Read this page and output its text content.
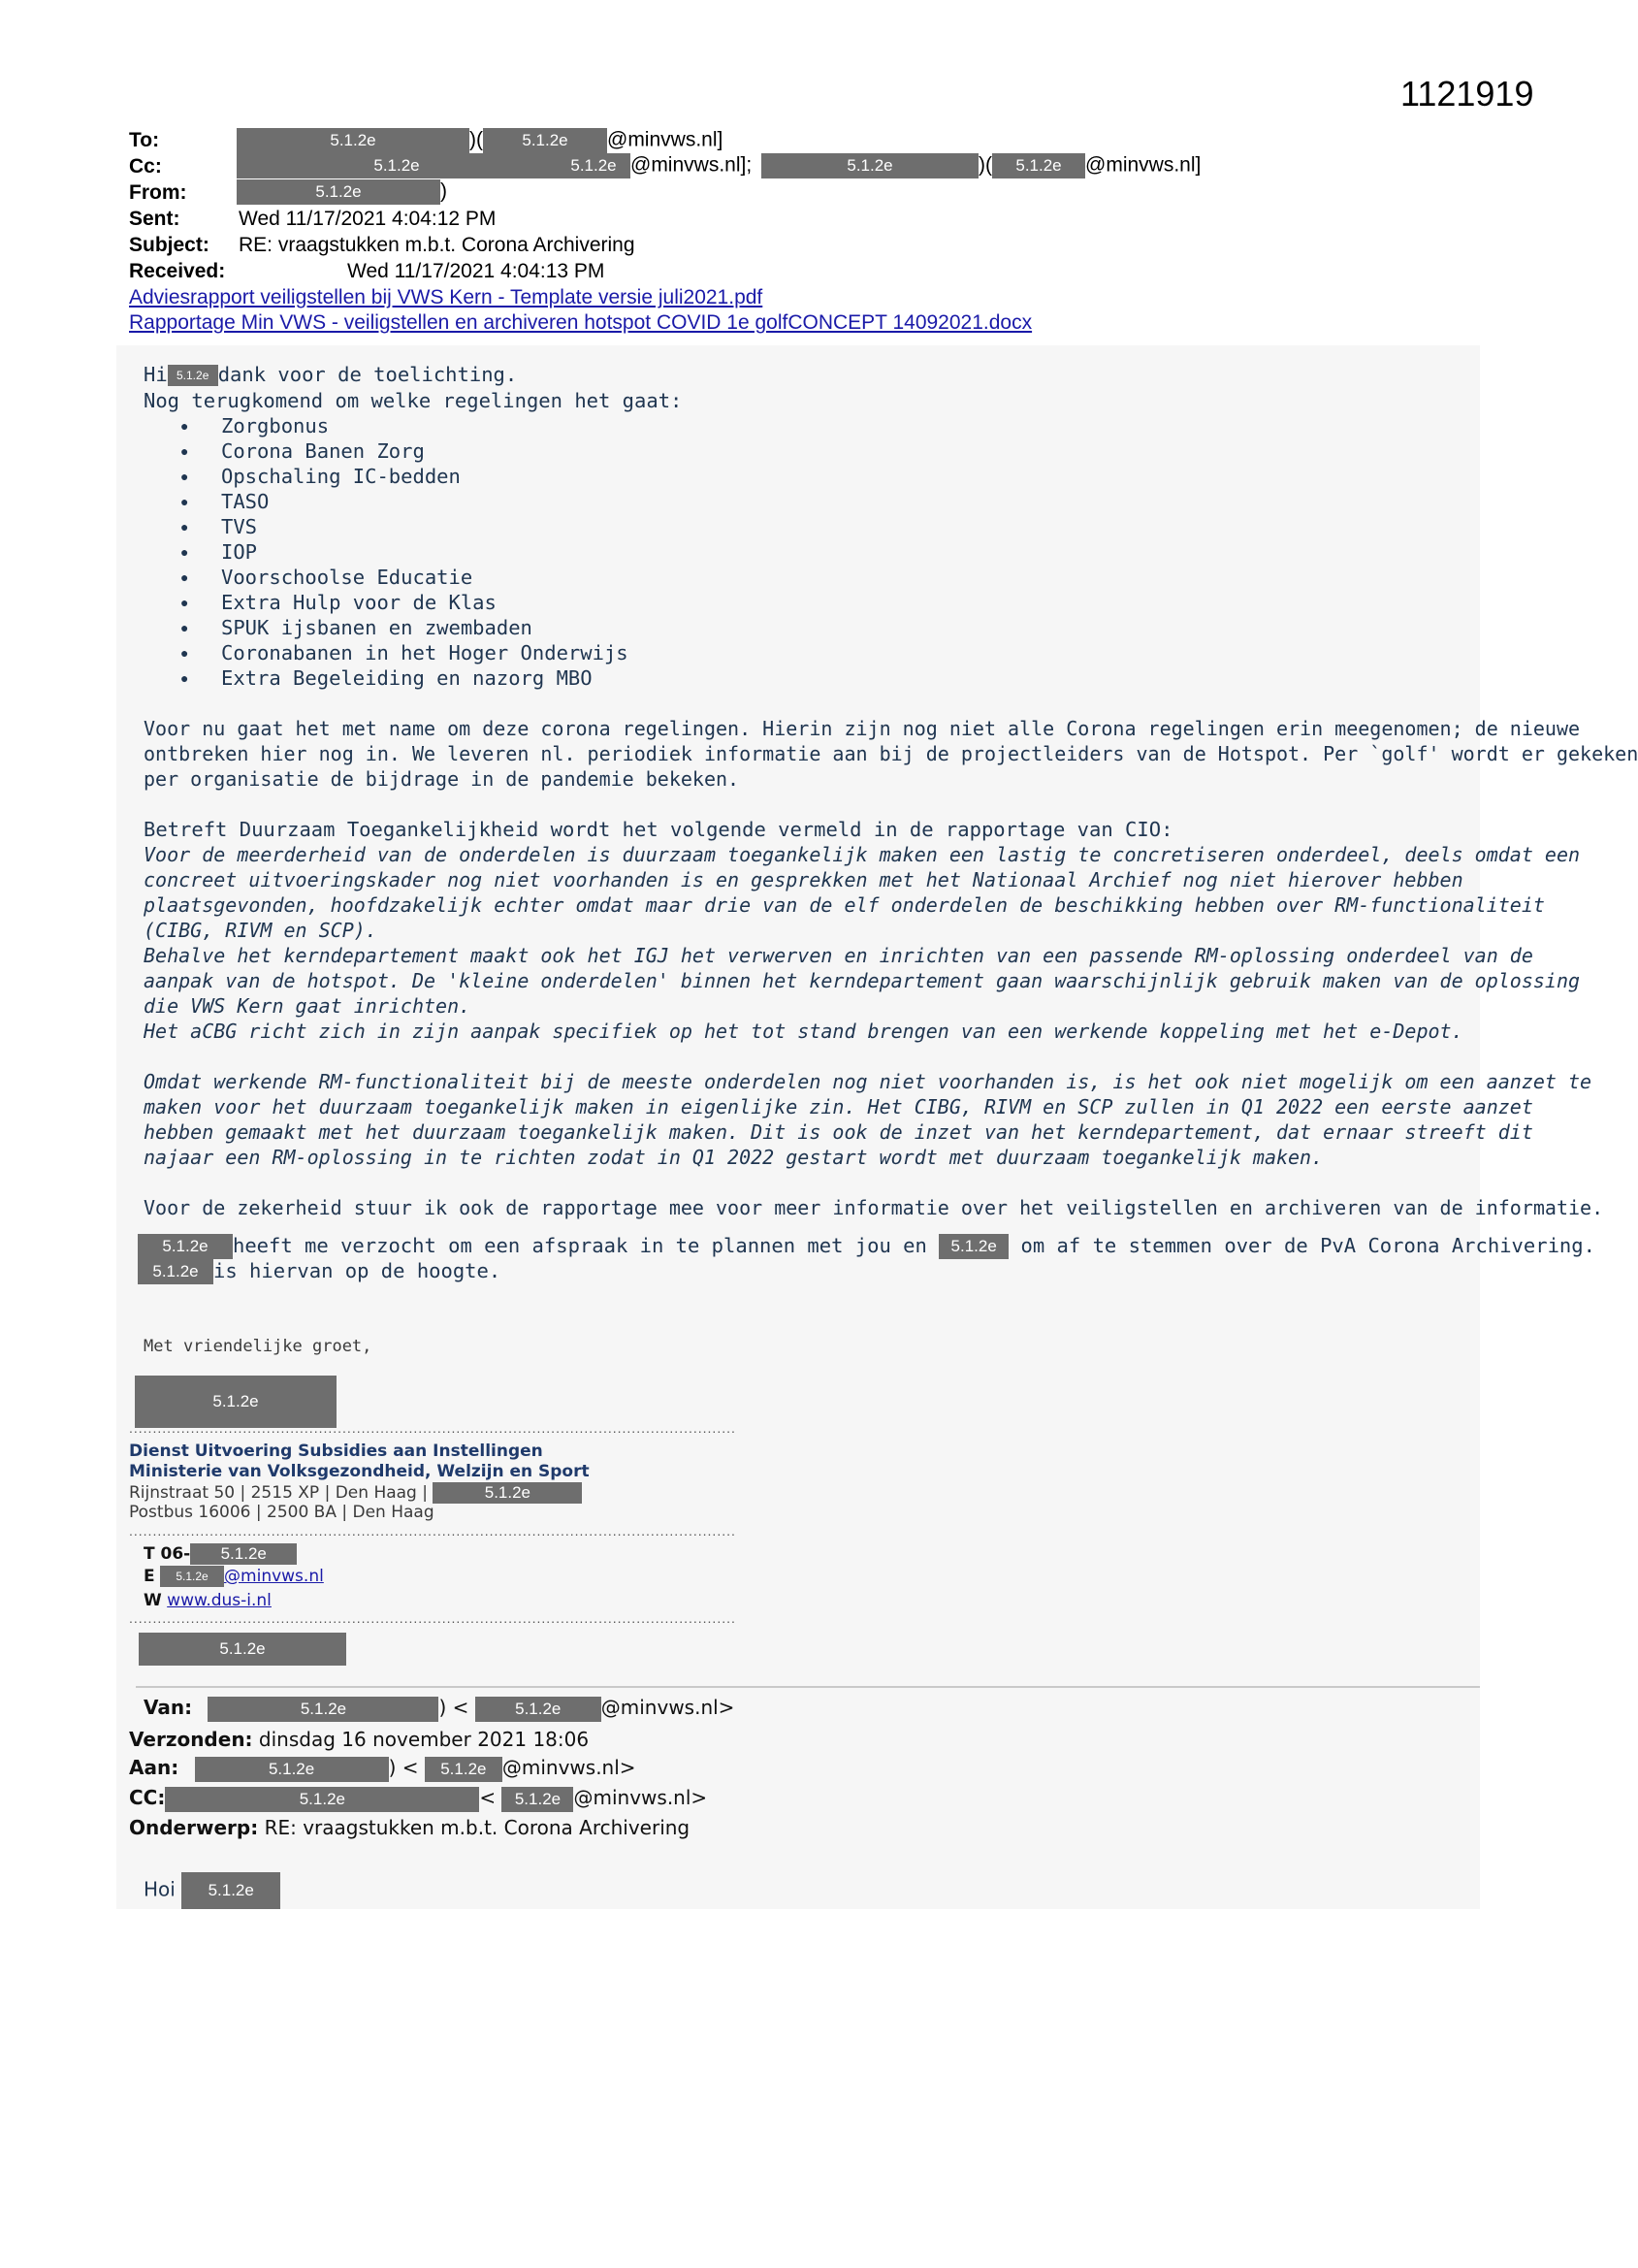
1121919
To:	5.1.2e	)( 5.1.2e @minvws.nl]
Cc:	5.1.2e	5.1.2e @minvws.nl];	5.1.2e	)( 5.1.2e @minvws.nl]
From:	5.1.2e	)
Sent:	Wed 11/17/2021 4:04:12 PM
Subject: RE: vraagstukken m.b.t. Corona Archivering
Received:	Wed 11/17/2021 4:04:13 PM
Adviesrapport veiligstellen bij VWS Kern - Template versie juli2021.pdf
Rapportage Min VWS - veiligstellen en archiveren hotspot COVID 1e golfCONCEPT 14092021.docx
Hi 5.1.2e dank voor de toelichting.
Nog terugkomend om welke regelingen het gaat:
● Zorgbonus
● Corona Banen Zorg
● Opschaling IC-bedden
● TASO
● TVS
● IOP
● Voorschoolse Educatie
● Extra Hulp voor de Klas
● SPUK ijsbanen en zwembaden
● Coronabanen in het Hoger Onderwijs
● Extra Begeleiding en nazorg MBO
Voor nu gaat het met name om deze corona regelingen. Hierin zijn nog niet alle Corona regelingen erin meegenomen; de nieuwe
ontbreken hier nog in. We leveren nl. periodiek informatie aan bij de projectleiders van de Hotspot. Per `golf' wordt er gekeken
per organisatie de bijdrage in de pandemie bekeken.
Betreft Duurzaam Toegankelijkheid wordt het volgende vermeld in de rapportage van CIO:
Voor de meerderheid van de onderdelen is duurzaam toegankelijk maken een lastig te concretiseren onderdeel, deels omdat een
concreet uitvoeringskader nog niet voorhanden is en gesprekken met het Nationaal Archief nog niet hierover hebben
plaatsgevonden, hoofdzakelijk echter omdat maar drie van de elf onderdelen de beschikking hebben over RM-functionaliteit
(CIBG, RIVM en SCP).
Behalve het kerndepartement maakt ook het IGJ het verwerven en inrichten van een passende RM-oplossing onderdeel van de
aanpak van de hotspot. De 'kleine onderdelen' binnen het kerndepartement gaan waarschijnlijk gebruik maken van de oplossing
die VWS Kern gaat inrichten.
Het aCBG richt zich in zijn aanpak specifiek op het tot stand brengen van een werkende koppeling met het e-Depot.
Omdat werkende RM-functionaliteit bij de meeste onderdelen nog niet voorhanden is, is het ook niet mogelijk om een aanzet te
maken voor het duurzaam toegankelijk maken in eigenlijke zin. Het CIBG, RIVM en SCP zullen in Q1 2022 een eerste aanzet
hebben gemaakt met het duurzaam toegankelijk maken. Dit is ook de inzet van het kerndepartement, dat ernaar streeft dit
najaar een RM-oplossing in te richten zodat in Q1 2022 gestart wordt met duurzaam toegankelijk maken.
Voor de zekerheid stuur ik ook de rapportage mee voor meer informatie over het veiligstellen en archiveren van de informatie.
5.1.2e heeft me verzocht om een afspraak in te plannen met jou en 5.1.2e om af te stemmen over de PvA Corona Archivering.
5.1.2e is hiervan op de hoogte.
Met vriendelijke groet,
5.1.2e
................................................................................................................................
Dienst Uitvoering Subsidies aan Instellingen
Ministerie van Volksgezondheid, Welzijn en Sport
Rijnstraat 50 | 2515 XP | Den Haag |	5.1.2e
Postbus 16006 | 2500 BA | Den Haag
................................................................................................................................
T 06- 5.1.2e
E 5.1.2e @minvws.nl
W www.dus-i.nl
................................................................................................................................
5.1.2e
Van:	5.1.2e	) < 5.1.2e @minvws.nl>
Verzonden: dinsdag 16 november 2021 18:06
Aan:	5.1.2e	) < 5.1.2e @minvws.nl>
CC:	5.1.2e	< 5.1.2e @minvws.nl>
Onderwerp: RE: vraagstukken m.b.t. Corona Archivering
Hoi 5.1.2e
